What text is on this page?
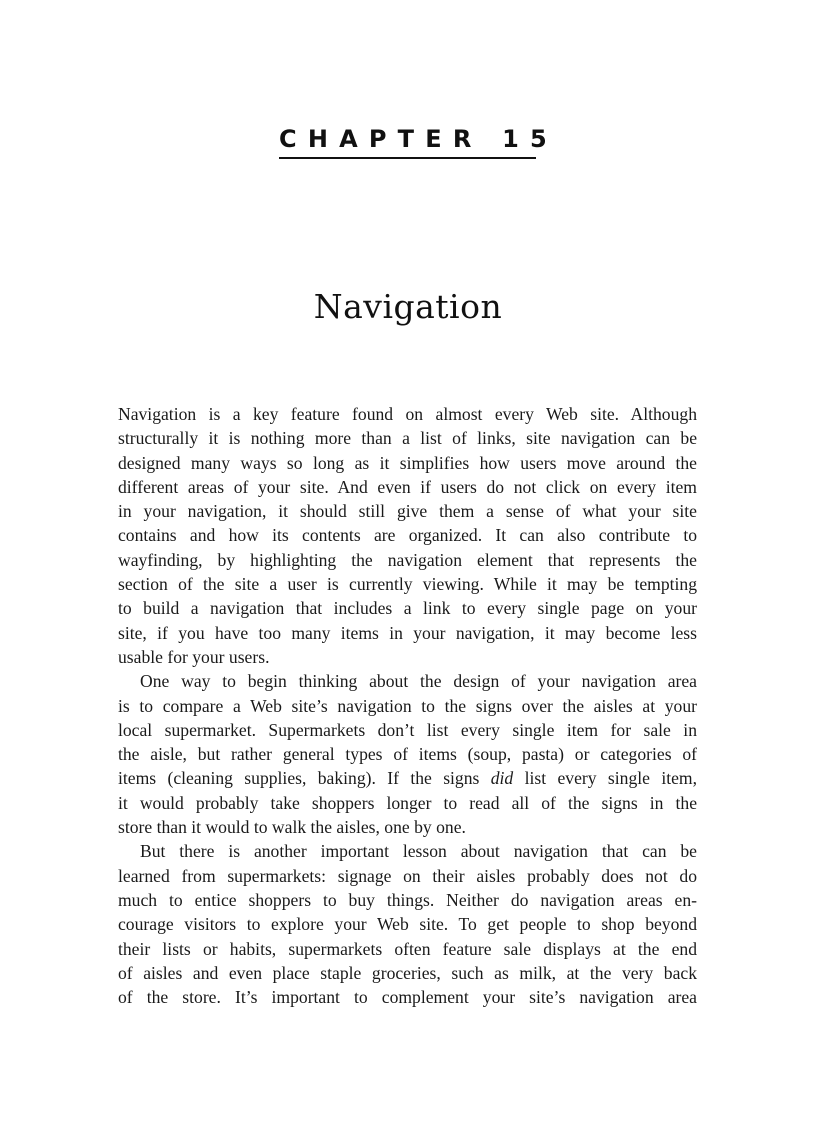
CHAPTER 15
Navigation

Navigation is a key feature found on almost every Web site. Although
structurally it is nothing more than a list of links, site navigation can be
designed many ways so long as it simplifies how users move around the
different areas of your site. And even if users do not click on every item
in your navigation, it should still give them a sense of what your site
contains and how its contents are organized. It can also contribute to
wayfinding, by highlighting the navigation element that represents the
section of the site a user is currently viewing. While it may be tempting
to build a navigation that includes a link to every single page on your
site, if you have too many items in your navigation, it may become less
usable for your users.

One way to begin thinking about the design of your navigation area
is to compare a Web site’s navigation to the signs over the aisles at your
local supermarket. Supermarkets don’t list every single item for sale in
the aisle, but rather general types of items (soup, pasta) or categories of
items (cleaning supplies, baking). If the signs did list every single item,
it would probably take shoppers longer to read all of the signs in the
store than it would to walk the aisles, one by one.

But there is another important lesson about navigation that can be
learned from supermarkets: signage on their aisles probably does not do
much to entice shoppers to buy things. Neither do navigation areas en-
courage visitors to explore your Web site. To get people to shop beyond
their lists or habits, supermarkets often feature sale displays at the end
of aisles and even place staple groceries, such as milk, at the very back
of the store. It’s important to complement your site’s navigation area
